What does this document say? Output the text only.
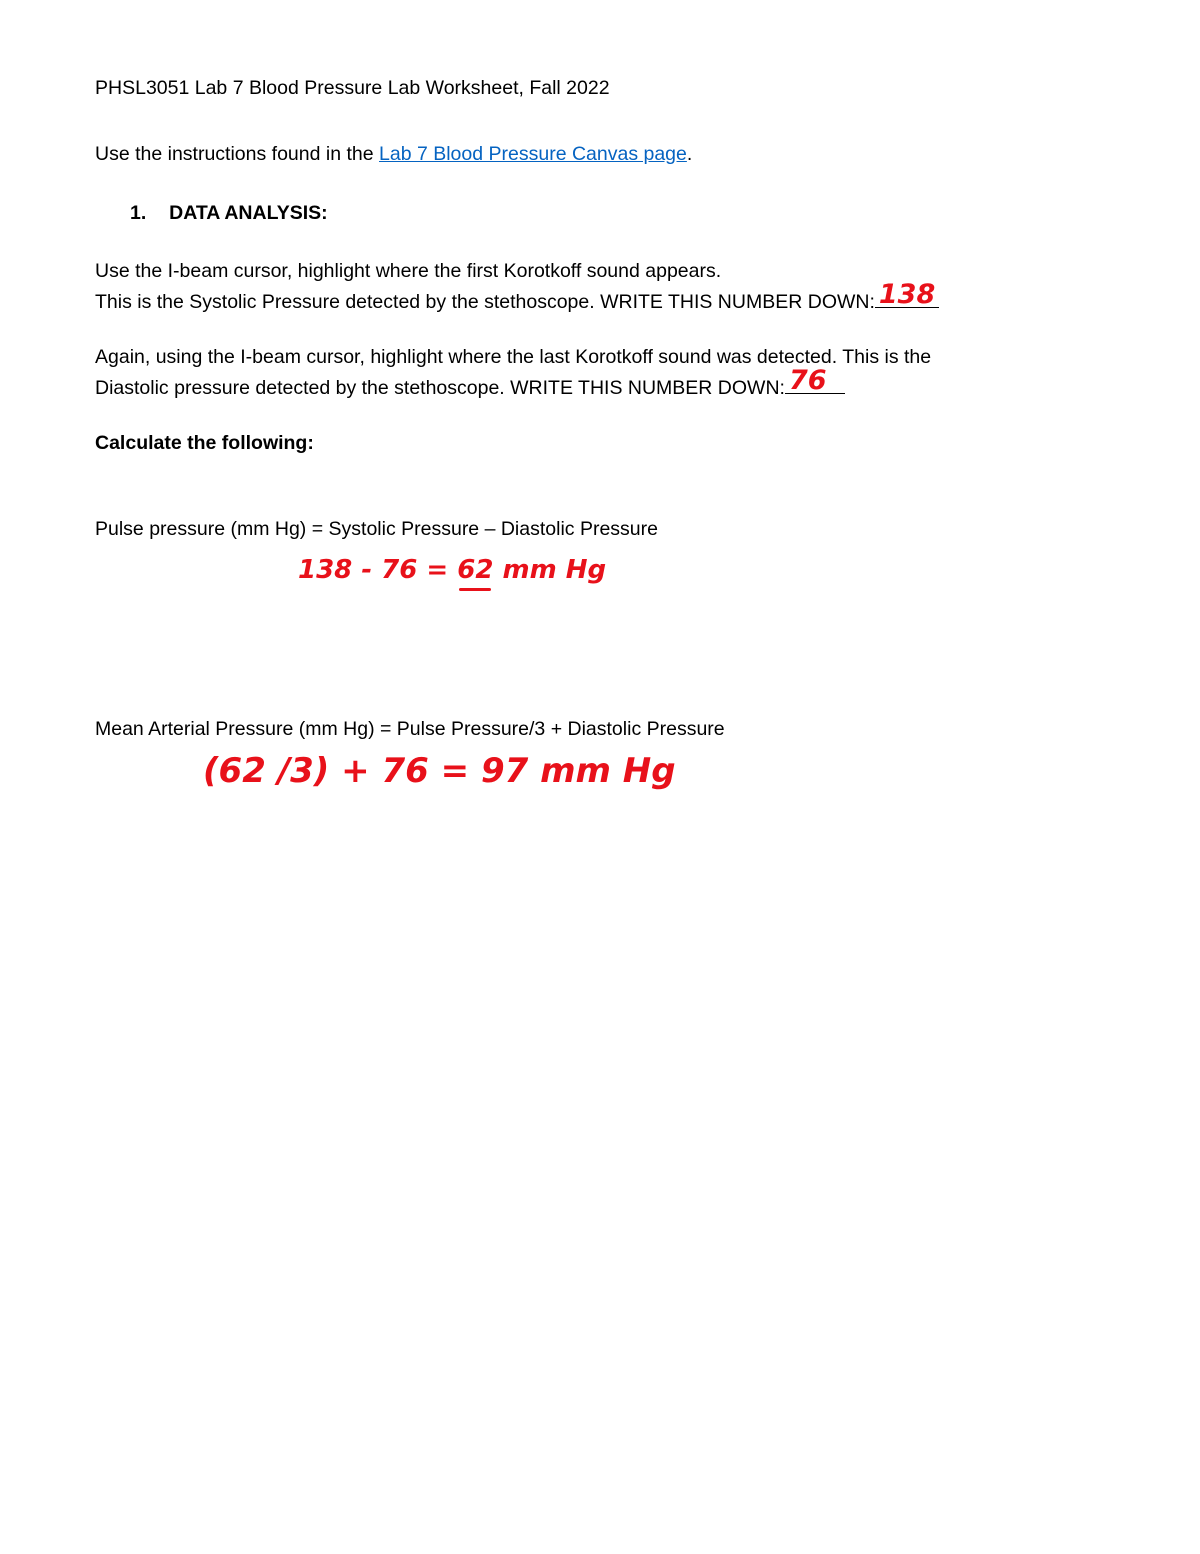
PHSL3051 Lab 7 Blood Pressure Lab Worksheet, Fall 2022
Use the instructions found in the Lab 7 Blood Pressure Canvas page.
1. DATA ANALYSIS:
Use the I-beam cursor, highlight where the first Korotkoff sound appears.
This is the Systolic Pressure detected by the stethoscope. WRITE THIS NUMBER DOWN: 138
Again, using the I-beam cursor, highlight where the last Korotkoff sound was detected. This is the
Diastolic pressure detected by the stethoscope. WRITE THIS NUMBER DOWN: 76
Calculate the following:
Pulse pressure (mm Hg) = Systolic Pressure – Diastolic Pressure
138 - 76 = 62 mm Hg
Mean Arterial Pressure (mm Hg) = Pulse Pressure/3 + Diastolic Pressure
(62 /3) + 76 = 97 mm Hg
